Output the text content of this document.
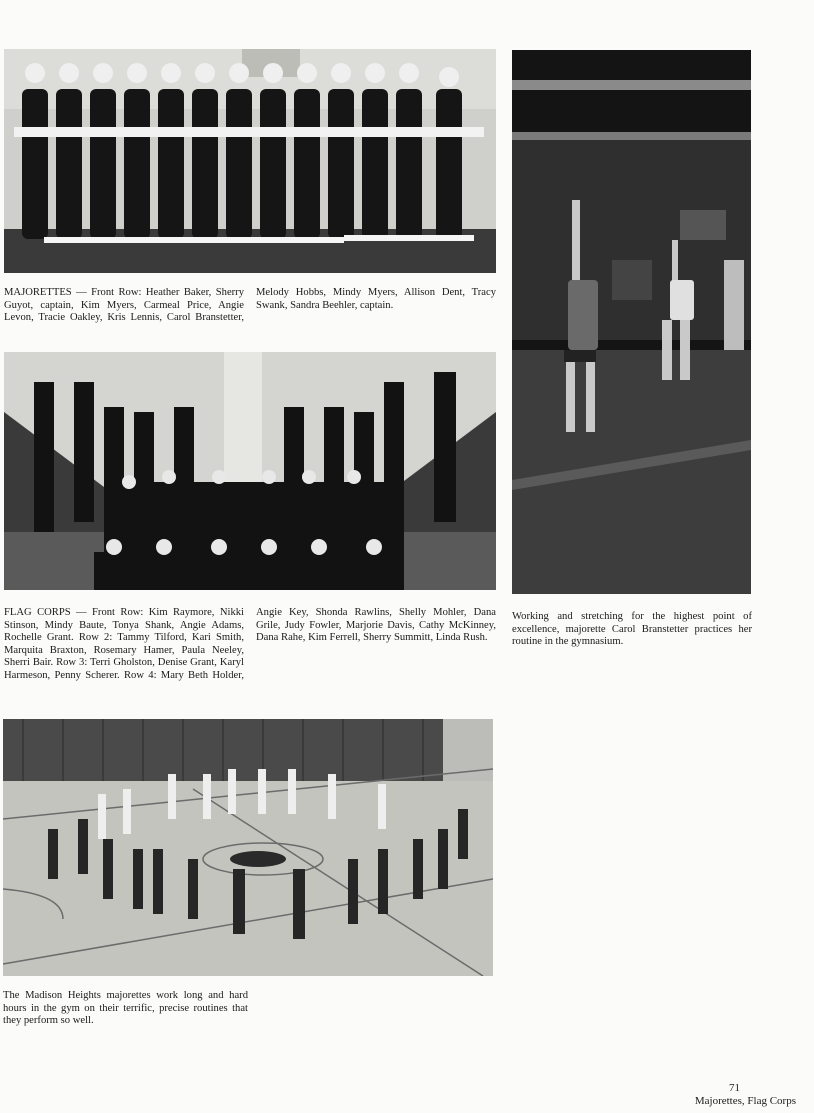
MAJORETTES — Front Row: Heather Baker, Sherry Guyot, captain, Kim Myers, Carmeal Price, Angie Levon, Tracie Oakley, Kris Lennis, Carol Branstetter, Melody Hobbs, Mindy Myers, Allison Dent, Tracy Swank, Sandra Beehler, captain.

FLAG CORPS — Front Row: Kim Raymore, Nikki Stinson, Mindy Baute, Tonya Shank, Angie Adams, Rochelle Grant. Row 2: Tammy Tilford, Kari Smith, Marquita Braxton, Rosemary Hamer, Paula Neeley, Sherri Bair. Row 3: Terri Gholston, Denise Grant, Karyl Harmeson, Penny Scherer. Row 4: Mary Beth Holder, Angie Key, Shonda Rawlins, Shelly Mohler, Dana Grile, Judy Fowler, Marjorie Davis, Cathy McKinney, Dana Rahe, Kim Ferrell, Sherry Summitt, Linda Rush.

Working and stretching for the highest point of excellence, majorette Carol Branstetter practices her routine in the gymnasium.

The Madison Heights majorettes work long and hard hours in the gym on their terrific, precise routines that they perform so well.

71
Majorettes, Flag Corps
